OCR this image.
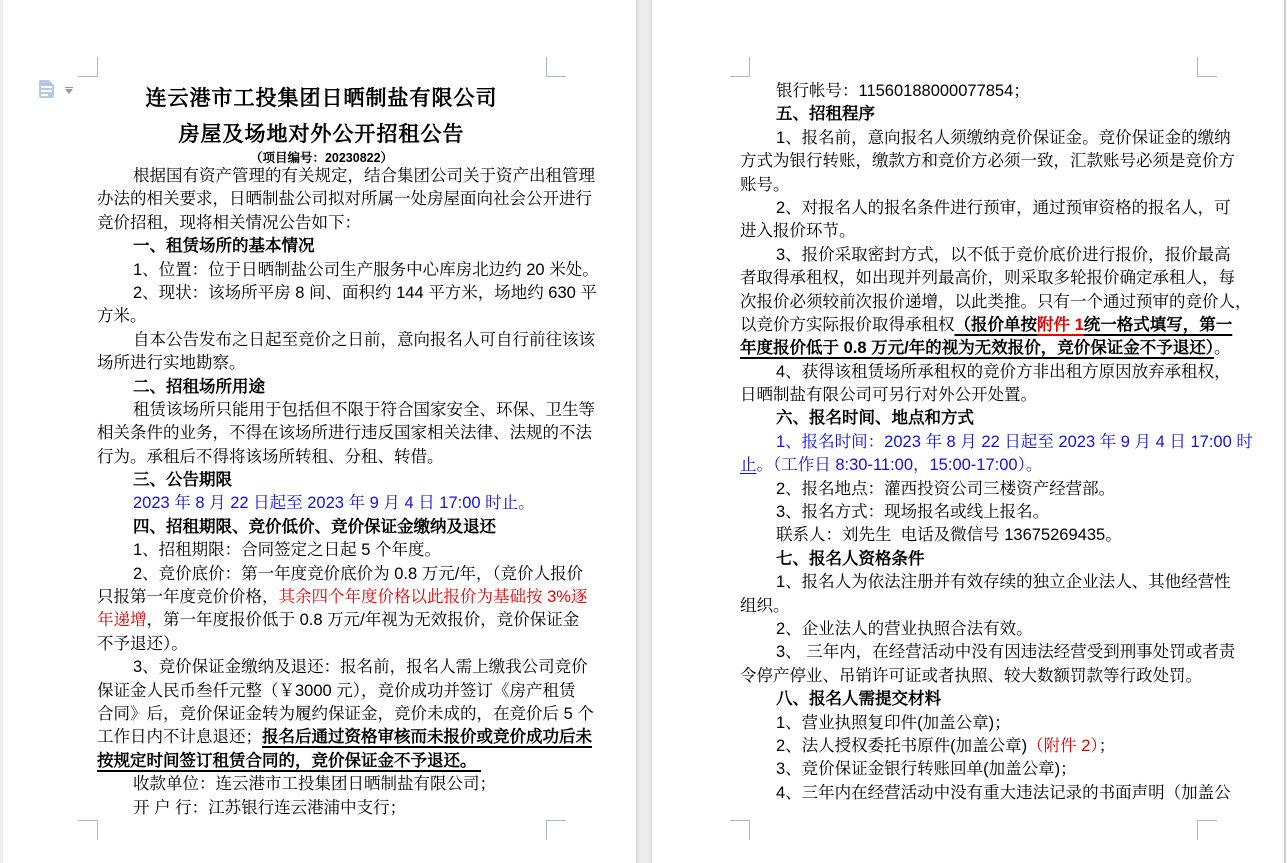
连云港市工投集团日晒制盐有限公司
房屋及场地对外公开招租公告
（项目编号：20230822）
根据国有资产管理的有关规定，结合集团公司关于资产出租管理
办法的相关要求，日晒制盐公司拟对所属一处房屋面向社会公开进行
竞价招租，现将相关情况公告如下：
一、租赁场所的基本情况
1、位置：位于日晒制盐公司生产服务中心库房北边约 20 米处。
2、现状：该场所平房 8 间、面积约 144 平方米，场地约 630 平
方米。
自本公告发布之日起至竞价之日前，意向报名人可自行前往该该
场所进行实地勘察。
二、招租场所用途
租赁该场所只能用于包括但不限于符合国家安全、环保、卫生等
相关条件的业务，不得在该场所进行违反国家相关法律、法规的不法
行为。承租后不得将该场所转租、分租、转借。
三、公告期限
2023 年 8 月 22 日起至 2023 年 9 月 4 日 17:00 时止。
四、招租期限、竞价低价、竞价保证金缴纳及退还
1、招租期限：合同签定之日起 5 个年度。
2、竞价底价：第一年度竞价底价为 0.8 万元/年，（竞价人报价
只报第一年度竞价价格，其余四个年度价格以此报价为基础按 3%逐
年递增，第一年度报价低于 0.8 万元/年视为无效报价，竞价保证金
不予退还）。
3、竞价保证金缴纳及退还：报名前，报名人需上缴我公司竞价
保证金人民币叁仟元整（￥3000 元），竞价成功并签订《房产租赁
合同》后，竞价保证金转为履约保证金，竞价未成的，在竞价后 5 个
工作日内不计息退还；报名后通过资格审核而未报价或竞价成功后未
按规定时间签订租赁合同的，竞价保证金不予退还。
收款单位：连云港市工投集团日晒制盐有限公司；
开 户 行：江苏银行连云港浦中支行；
银行帐号：11560188000077854；
五、招租程序
1、报名前，意向报名人须缴纳竞价保证金。竞价保证金的缴纳
方式为银行转账，缴款方和竞价方必须一致，汇款账号必须是竞价方
账号。
2、对报名人的报名条件进行预审，通过预审资格的报名人，可
进入报价环节。
3、报价采取密封方式，以不低于竞价底价进行报价，报价最高
者取得承租权，如出现并列最高价，则采取多轮报价确定承租人，每
次报价必须较前次报价递增，以此类推。只有一个通过预审的竞价人，
以竞价方实际报价取得承租权（报价单按附件 1统一格式填写，第一
年度报价低于 0.8 万元/年的视为无效报价，竞价保证金不予退还）。
4、获得该租赁场所承租权的竞价方非出租方原因放弃承租权，
日晒制盐有限公司可另行对外公开处置。
六、报名时间、地点和方式
1、报名时间：2023 年 8 月 22 日起至 2023 年 9 月 4 日 17:00 时
止。（工作日 8:30-11:00，15:00-17:00）。
2、报名地点：灌西投资公司三楼资产经营部。
3、报名方式：现场报名或线上报名。
联系人：刘先生  电话及微信号 13675269435。
七、报名人资格条件
1、报名人为依法注册并有效存续的独立企业法人、其他经营性
组织。
2、企业法人的营业执照合法有效。
3、 三年内，在经营活动中没有因违法经营受到刑事处罚或者责
令停产停业、吊销许可证或者执照、较大数额罚款等行政处罚。
八、报名人需提交材料
1、营业执照复印件(加盖公章)；
2、法人授权委托书原件(加盖公章)（附件 2）；
3、竞价保证金银行转账回单(加盖公章)；
4、三年内在经营活动中没有重大违法记录的书面声明（加盖公
